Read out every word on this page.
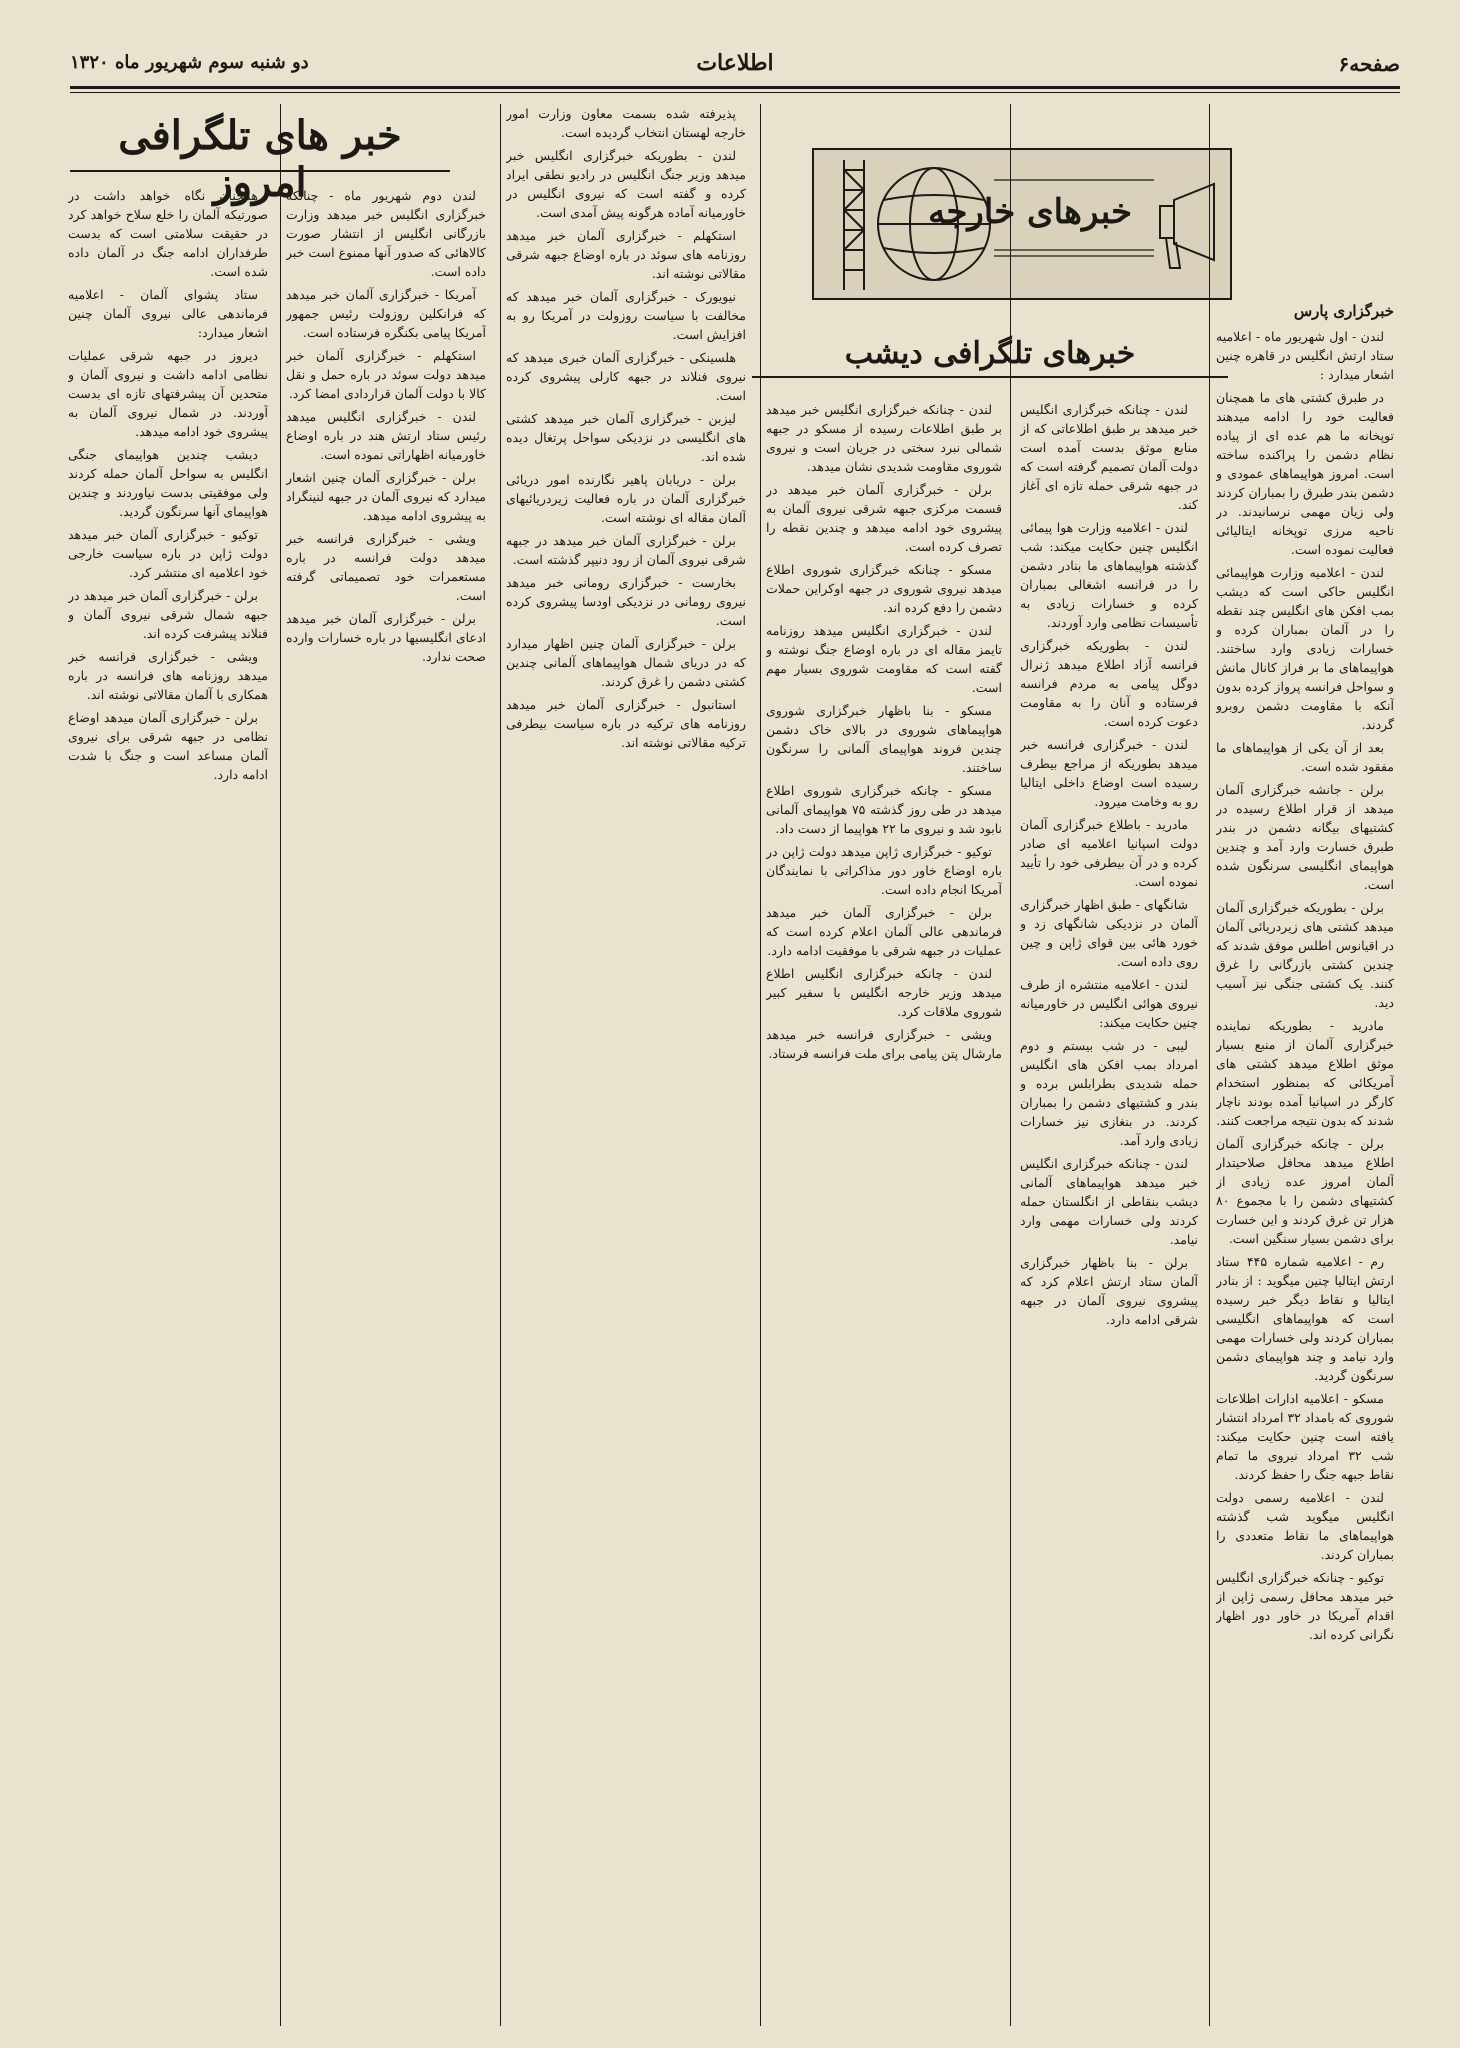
صفحه۶
اطلاعات
دو شنبه سوم شهریور ماه ۱۳۲۰
خبرهای خارجه
خبرهای تلگرافی دیشب
خبر های تلگرافی امروز
خبرگزاری پارس

لندن - اول شهریور ماه - اعلامیه ستاد ارتش انگلیس در قاهره چنین اشعار میدارد :

در طبرق کشتی های ما همچنان فعالیت خود را ادامه میدهند توپخانه ما هم عده ای از پیاده نظام دشمن را پراکنده ساخته است. امروز هواپیماهای عمودی و دشمن بندر طبرق را بمباران کردند ولی زیان مهمی نرسانیدند. در ناحیه مرزی توپخانه ایتالیائی فعالیت نموده است.

لندن - اعلامیه وزارت هواپیمائی انگلیس حاکی است که دیشب بمب افکن های انگلیس چند نقطه را در آلمان بمباران کرده و خسارات زیادی وارد ساختند. هواپیماهای ما بر فراز کانال مانش و سواحل فرانسه پرواز کرده بدون آنکه با مقاومت دشمن روبرو گردند.

بعد از آن یکی از هواپیماهای ما مفقود شده است.

برلن - جانشه خبرگزاری آلمان میدهد از قرار اطلاع رسیده در کشتیهای بیگانه دشمن در بندر طبرق خسارت وارد آمد و چندین هواپیمای انگلیسی سرنگون شده است.

برلن - بطوریکه خبرگزاری آلمان میدهد کشتی های زیردریائی آلمان در اقیانوس اطلس موفق شدند که چندین کشتی بازرگانی را غرق کنند. یک کشتی جنگی نیز آسیب دید.

مادرید - بطوریکه نماینده خبرگزاری آلمان از منبع بسیار موثق اطلاع میدهد کشتی های آمریکائی که بمنظور استخدام کارگر در اسپانیا آمده بودند ناچار شدند که بدون نتیجه مراجعت کنند.

برلن - چانکه خبرگزاری آلمان اطلاع میدهد محافل صلاحیتدار آلمان امروز عده زیادی از کشتیهای دشمن را با مجموع ۸۰ هزار تن غرق کردند و این خسارت برای دشمن بسیار سنگین است.

رم - اعلامیه شماره ۴۴۵ ستاد ارتش ایتالیا چنین میگوید : از بنادر ایتالیا و نقاط دیگر خبر رسیده است که هواپیماهای انگلیسی بمباران کردند ولی خسارات مهمی وارد نیامد و چند هواپیمای دشمن سرنگون گردید.

مسکو - اعلامیه ادارات اطلاعات شوروی که بامداد ۳۲ امرداد انتشار یافته است چنین حکایت میکند: شب ۳۲ امرداد نیروی ما تمام نقاط جبهه جنگ را حفظ کردند.

لندن - اعلامیه رسمی دولت انگلیس میگوید شب گذشته هواپیماهای ما نقاط متعددی را بمباران کردند.

توکیو - چنانکه خبرگزاری انگلیس خبر میدهد محافل رسمی ژاپن از اقدام آمریکا در خاور دور اظهار نگرانی کرده اند.

لندن - چنانکه خبرگزاری انگلیس خبر میدهد بر طبق اطلاعاتی که از منابع موثق بدست آمده است دولت آلمان تصمیم گرفته است که در جبهه شرقی حمله تازه ای آغاز کند.

لندن - اعلامیه وزارت هوا پیمائی انگلیس چنین حکایت میکند: شب گذشته هواپیماهای ما بنادر دشمن را در فرانسه اشغالی بمباران کرده و خسارات زیادی به تأسیسات نظامی وارد آوردند.

لندن - بطوریکه خبرگزاری فرانسه آزاد اطلاع میدهد ژنرال دوگل پیامی به مردم فرانسه فرستاده و آنان را به مقاومت دعوت کرده است.

لندن - خبرگزاری فرانسه خبر میدهد بطوریکه از مراجع بیطرف رسیده است اوضاع داخلی ایتالیا رو به وخامت میرود.

مادرید - باطلاع خبرگزاری آلمان دولت اسپانیا اعلامیه ای صادر کرده و در آن بیطرفی خود را تأیید نموده است.

شانگهای - طبق اظهار خبرگزاری آلمان در نزدیکی شانگهای زد و خورد هائی بین قوای ژاپن و چین روی داده است.

لندن - اعلامیه منتشره از طرف نیروی هوائی انگلیس در خاورمیانه چنین حکایت میکند:

لیبی - در شب بیستم و دوم امرداد بمب افکن های انگلیس حمله شدیدی بطرابلس برده و بندر و کشتیهای دشمن را بمباران کردند. در بنغازی نیز خسارات زیادی وارد آمد.

لندن - چنانکه خبرگزاری انگلیس خبر میدهد هواپیماهای آلمانی دیشب بنقاطی از انگلستان حمله کردند ولی خسارات مهمی وارد نیامد.

برلن - بنا باظهار خبرگزاری آلمان ستاد ارتش اعلام کرد که پیشروی نیروی آلمان در جبهه شرقی ادامه دارد.

لندن - چنانکه خبرگزاری انگلیس خبر میدهد بر طبق اطلاعات رسیده از مسکو در جبهه شمالی نبرد سختی در جریان است و نیروی شوروی مقاومت شدیدی نشان میدهد.

برلن - خبرگزاری آلمان خبر میدهد در قسمت مرکزی جبهه شرقی نیروی آلمان به پیشروی خود ادامه میدهد و چندین نقطه را تصرف کرده است.

مسکو - چنانکه خبرگزاری شوروی اطلاع میدهد نیروی شوروی در جبهه اوکراین حملات دشمن را دفع کرده اند.

لندن - خبرگزاری انگلیس میدهد روزنامه تایمز مقاله ای در باره اوضاع جنگ نوشته و گفته است که مقاومت شوروی بسیار مهم است.

مسکو - بنا باظهار خبرگزاری شوروی هواپیماهای شوروی در بالای خاک دشمن چندین فروند هواپیمای آلمانی را سرنگون ساختند.

مسکو - چانکه خبرگزاری شوروی اطلاع میدهد در طی روز گذشته ۷۵ هواپیمای آلمانی نابود شد و نیروی ما ۲۲ هواپیما از دست داد.

توکیو - خبرگزاری ژاپن میدهد دولت ژاپن در باره اوضاع خاور دور مذاکراتی با نمایندگان آمریکا انجام داده است.

برلن - خبرگزاری آلمان خبر میدهد فرماندهی عالی آلمان اعلام کرده است که عملیات در جبهه شرقی با موفقیت ادامه دارد.

لندن - چانکه خبرگزاری انگلیس اطلاع میدهد وزیر خارجه انگلیس با سفیر کبیر شوروی ملاقات کرد.

ویشی - خبرگزاری فرانسه خبر میدهد مارشال پتن پیامی برای ملت فرانسه فرستاد.

پذیرفته شده بسمت معاون وزارت امور خارجه لهستان انتخاب گردیده است.

لندن - بطوریکه خبرگزاری انگلیس خبر میدهد وزیر جنگ انگلیس در رادیو نطقی ایراد کرده و گفته است که نیروی انگلیس در خاورمیانه آماده هرگونه پیش آمدی است.

استکهلم - خبرگزاری آلمان خبر میدهد روزنامه های سوئد در باره اوضاع جبهه شرقی مقالاتی نوشته اند.

نیویورک - خبرگزاری آلمان خبر میدهد که مخالفت با سیاست روزولت در آمریکا رو به افزایش است.

هلسینکی - خبرگزاری آلمان خبری میدهد که نیروی فنلاند در جبهه کارلی پیشروی کرده است.

لیزبن - خبرگزاری آلمان خبر میدهد کشتی های انگلیسی در نزدیکی سواحل پرتغال دیده شده اند.

برلن - دریابان پاهیر نگارنده امور دریائی خبرگزاری آلمان در باره فعالیت زیردریائیهای آلمان مقاله ای نوشته است.

برلن - خبرگزاری آلمان خبر میدهد در جبهه شرقی نیروی آلمان از رود دنیپر گذشته است.

بخارست - خبرگزاری رومانی خبر میدهد نیروی رومانی در نزدیکی اودسا پیشروی کرده است.

برلن - خبرگزاری آلمان چنین اظهار میدارد که در دریای شمال هواپیماهای آلمانی چندین کشتی دشمن را غرق کردند.

استانبول - خبرگزاری آلمان خبر میدهد روزنامه های ترکیه در باره سیاست بیطرفی ترکیه مقالاتی نوشته اند.

لندن دوم شهریور ماه - چنانکه خبرگزاری انگلیس خبر میدهد وزارت بازرگانی انگلیس از انتشار صورت کالاهائی که صدور آنها ممنوع است خبر داده است.

آمریکا - خبرگزاری آلمان خبر میدهد که فرانکلین روزولت رئیس جمهور آمریکا پیامی بکنگره فرستاده است.

استکهلم - خبرگزاری آلمان خبر میدهد دولت سوئد در باره حمل و نقل کالا با دولت آلمان قراردادی امضا کرد.

لندن - خبرگزاری انگلیس میدهد رئیس ستاد ارتش هند در باره اوضاع خاورمیانه اظهاراتی نموده است.

برلن - خبرگزاری آلمان چنین اشعار میدارد که نیروی آلمان در جبهه لنینگراد به پیشروی ادامه میدهد.

ویشی - خبرگزاری فرانسه خبر میدهد دولت فرانسه در باره مستعمرات خود تصمیماتی گرفته است.

برلن - خبرگزاری آلمان خبر میدهد ادعای انگلیسیها در باره خسارات وارده صحت ندارد.

همچنان نگاه خواهد داشت در صورتیکه آلمان را خلع سلاح خواهد کرد در حقیقت سلامتی است که بدست طرفداران ادامه جنگ در آلمان داده شده است.

ستاد پشوای آلمان - اعلامیه فرماندهی عالی نیروی آلمان چنین اشعار میدارد:

دیروز در جبهه شرقی عملیات نظامی ادامه داشت و نیروی آلمان و متحدین آن پیشرفتهای تازه ای بدست آوردند. در شمال نیروی آلمان به پیشروی خود ادامه میدهد.

دیشب چندین هواپیمای جنگی انگلیس به سواحل آلمان حمله کردند ولی موفقیتی بدست نیاوردند و چندین هواپیمای آنها سرنگون گردید.

توکیو - خبرگزاری آلمان خبر میدهد دولت ژاپن در باره سیاست خارجی خود اعلامیه ای منتشر کرد.

برلن - خبرگزاری آلمان خبر میدهد در جبهه شمال شرقی نیروی آلمان و فنلاند پیشرفت کرده اند.

ویشی - خبرگزاری فرانسه خبر میدهد روزنامه های فرانسه در باره همکاری با آلمان مقالاتی نوشته اند.

برلن - خبرگزاری آلمان میدهد اوضاع نظامی در جبهه شرقی برای نیروی آلمان مساعد است و جنگ با شدت ادامه دارد.
